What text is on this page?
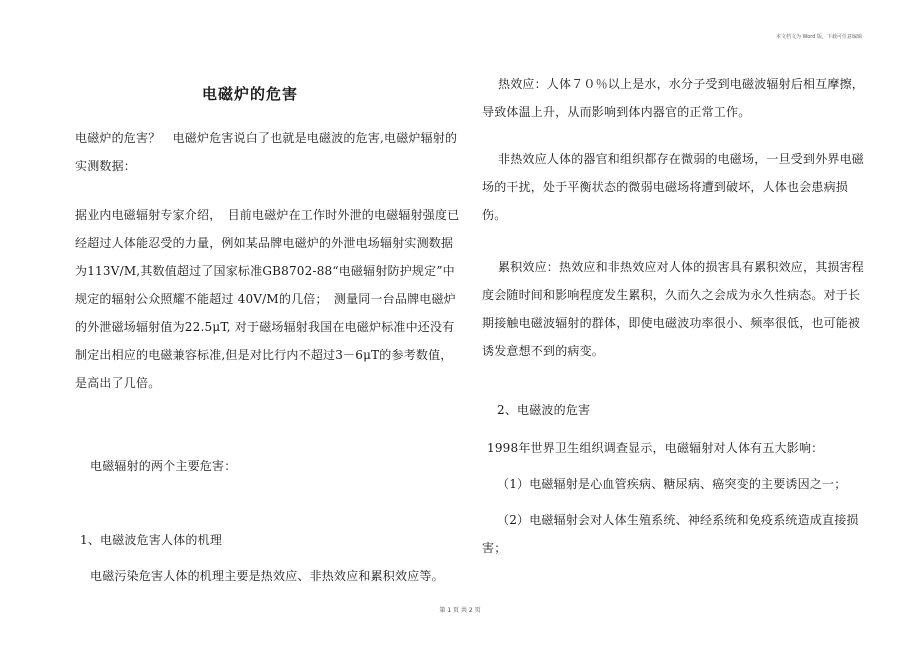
本文档文为 Word 版，下载可任意编辑
电磁炉的危害

电磁炉的危害？　电磁炉危害说白了也就是电磁波的危害,电磁炉辐射的实测数据：

据业内电磁辐射专家介绍，　目前电磁炉在工作时外泄的电磁辐射强度已经超过人体能忍受的力量，例如某品牌电磁炉的外泄电场辐射实测数据为113V/M,其数值超过了国家标准GB8702-88“电磁辐射防护规定”中规定的辐射公众照耀不能超过 40V/M的几倍；　测量同一台品牌电磁炉的外泄磁场辐射值为22.5μT, 对于磁场辐射我国在电磁炉标准中还没有制定出相应的电磁兼容标准,但是对比行内不超过3－6μT的参考数值，是高出了几倍。

电磁辐射的两个主要危害：

1、电磁波危害人体的机理

电磁污染危害人体的机理主要是热效应、非热效应和累积效应等。

热效应：人体７０％以上是水，水分子受到电磁波辐射后相互摩擦，导致体温上升，从而影响到体内器官的正常工作。

非热效应人体的器官和组织都存在微弱的电磁场，一旦受到外界电磁场的干扰，处于平衡状态的微弱电磁场将遭到破坏，人体也会患病损伤。

累积效应：热效应和非热效应对人体的损害具有累积效应，其损害程度会随时间和影响程度发生累积，久而久之会成为永久性病态。对于长期接触电磁波辐射的群体，即使电磁波功率很小、频率很低，也可能被诱发意想不到的病变。

2、电磁波的危害

1998年世界卫生组织调查显示，电磁辐射对人体有五大影响：

（1）电磁辐射是心血管疾病、糖尿病、癌突变的主要诱因之一；

（2）电磁辐射会对人体生殖系统、神经系统和免疫系统造成直接损害；

第 1 页 共 2 页
